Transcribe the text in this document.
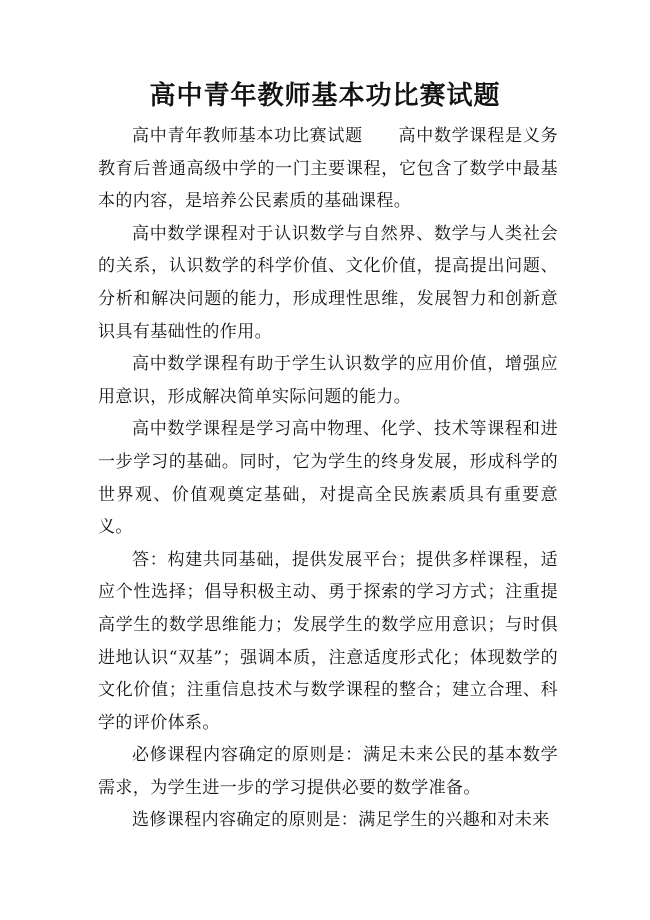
高中青年教师基本功比赛试题

高中青年教师基本功比赛试题　　高中数学课程是义务教育后普通高级中学的一门主要课程，它包含了数学中最基本的内容，是培养公民素质的基础课程。

高中数学课程对于认识数学与自然界、数学与人类社会的关系，认识数学的科学价值、文化价值，提高提出问题、分析和解决问题的能力，形成理性思维，发展智力和创新意识具有基础性的作用。

高中数学课程有助于学生认识数学的应用价值，增强应用意识，形成解决简单实际问题的能力。

高中数学课程是学习高中物理、化学、技术等课程和进一步学习的基础。同时，它为学生的终身发展，形成科学的世界观、价值观奠定基础，对提高全民族素质具有重要意义。

答：构建共同基础，提供发展平台；提供多样课程，适应个性选择；倡导积极主动、勇于探索的学习方式；注重提高学生的数学思维能力；发展学生的数学应用意识；与时俱进地认识“双基”；强调本质，注意适度形式化；体现数学的文化价值；注重信息技术与数学课程的整合；建立合理、科学的评价体系。

必修课程内容确定的原则是：满足未来公民的基本数学需求，为学生进一步的学习提供必要的数学准备。

选修课程内容确定的原则是：满足学生的兴趣和对未来
